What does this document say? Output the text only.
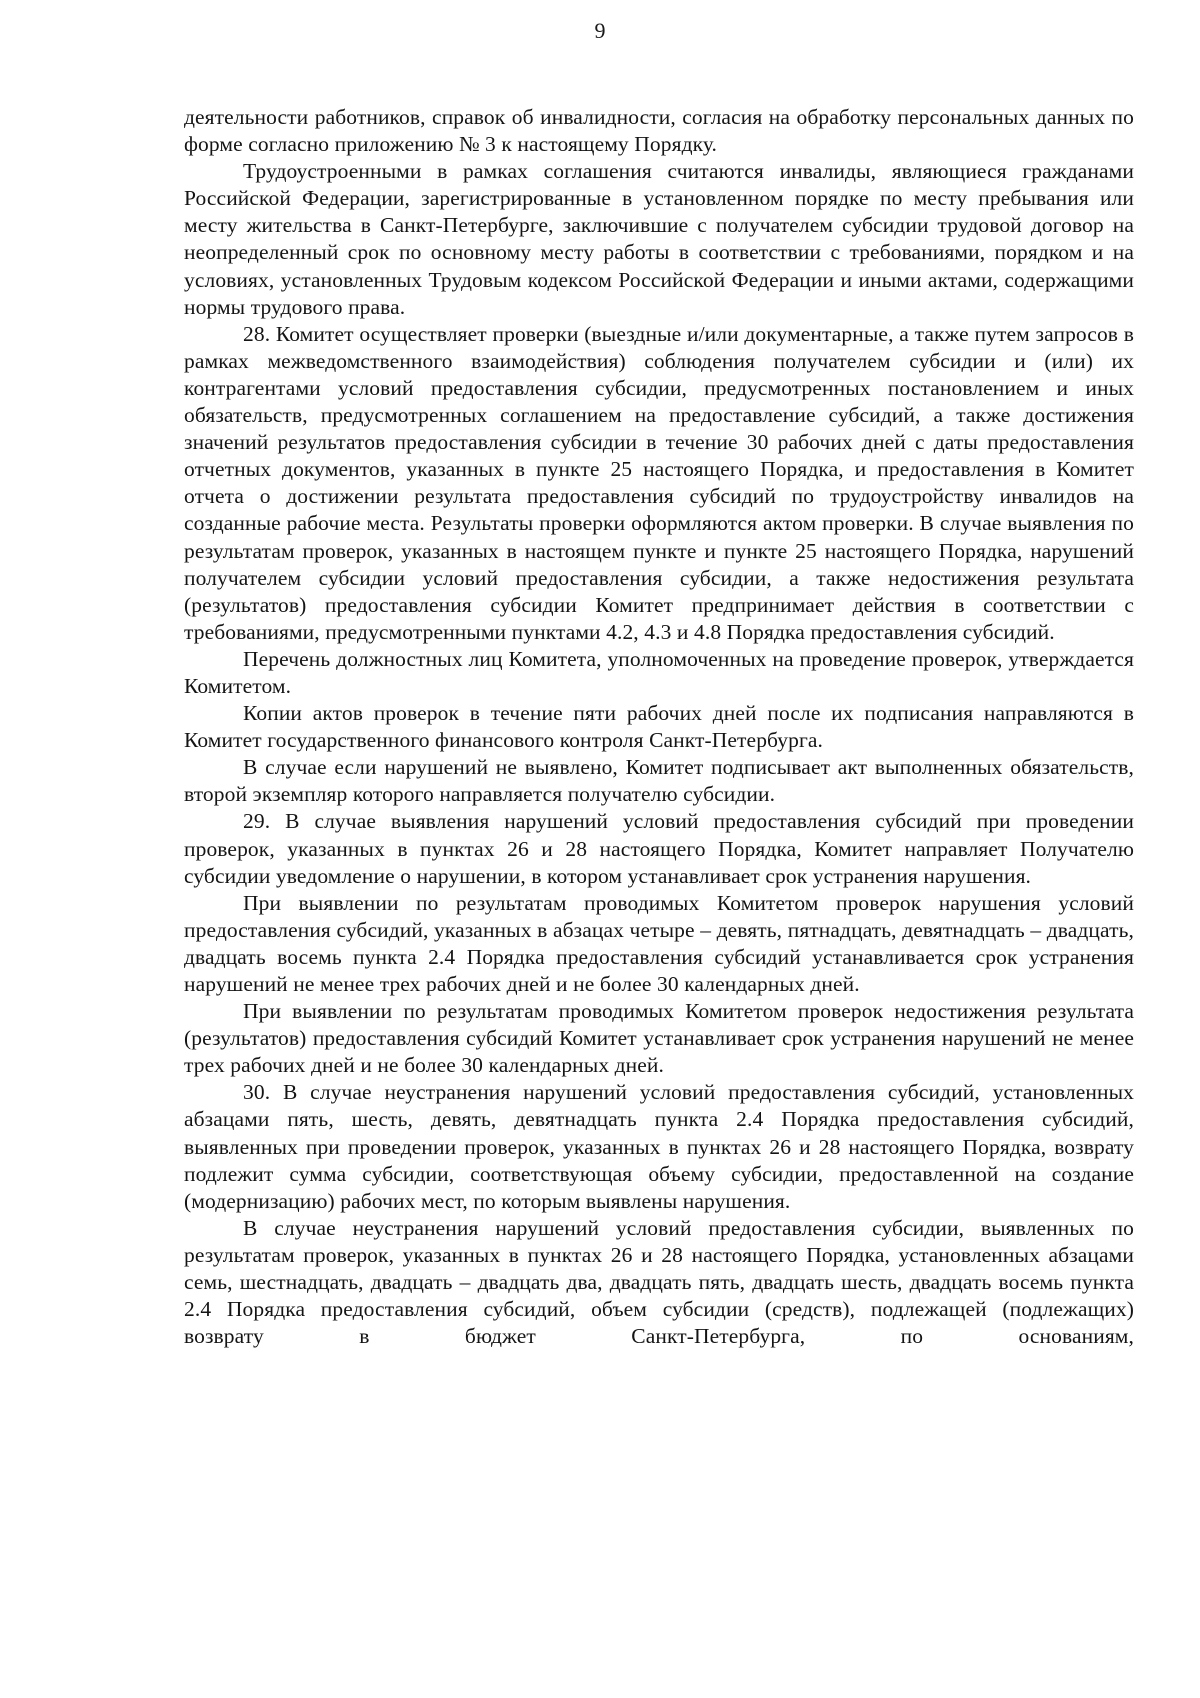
9

деятельности работников, справок об инвалидности, согласия на обработку персональных данных по форме согласно приложению № 3 к настоящему Порядку.

Трудоустроенными в рамках соглашения считаются инвалиды, являющиеся гражданами Российской Федерации, зарегистрированные в установленном порядке по месту пребывания или месту жительства в Санкт-Петербурге, заключившие с получателем субсидии трудовой договор на неопределенный срок по основному месту работы в соответствии с требованиями, порядком и на условиях, установленных Трудовым кодексом Российской Федерации и иными актами, содержащими нормы трудового права.

28. Комитет осуществляет проверки (выездные и/или документарные, а также путем запросов в рамках межведомственного взаимодействия) соблюдения получателем субсидии и (или) их контрагентами условий предоставления субсидии, предусмотренных постановлением и иных обязательств, предусмотренных соглашением на предоставление субсидий, а также достижения значений результатов предоставления субсидии в течение 30 рабочих дней с даты предоставления отчетных документов, указанных в пункте 25 настоящего Порядка, и предоставления в Комитет отчета о достижении результата предоставления субсидий по трудоустройству инвалидов на созданные рабочие места. Результаты проверки оформляются актом проверки. В случае выявления по результатам проверок, указанных в настоящем пункте и пункте 25 настоящего Порядка, нарушений получателем субсидии условий предоставления субсидии, а также недостижения результата (результатов) предоставления субсидии Комитет предпринимает действия в соответствии с требованиями, предусмотренными пунктами 4.2, 4.3 и 4.8 Порядка предоставления субсидий.

Перечень должностных лиц Комитета, уполномоченных на проведение проверок, утверждается Комитетом.

Копии актов проверок в течение пяти рабочих дней после их подписания направляются в Комитет государственного финансового контроля Санкт-Петербурга.

В случае если нарушений не выявлено, Комитет подписывает акт выполненных обязательств, второй экземпляр которого направляется получателю субсидии.

29. В случае выявления нарушений условий предоставления субсидий при проведении проверок, указанных в пунктах 26 и 28 настоящего Порядка, Комитет направляет Получателю субсидии уведомление о нарушении, в котором устанавливает срок устранения нарушения.

При выявлении по результатам проводимых Комитетом проверок нарушения условий предоставления субсидий, указанных в абзацах четыре – девять, пятнадцать, девятнадцать – двадцать, двадцать восемь пункта 2.4 Порядка предоставления субсидий устанавливается срок устранения нарушений не менее трех рабочих дней и не более 30 календарных дней.

При выявлении по результатам проводимых Комитетом проверок недостижения результата (результатов) предоставления субсидий Комитет устанавливает срок устранения нарушений не менее трех рабочих дней и не более 30 календарных дней.

30. В случае неустранения нарушений условий предоставления субсидий, установленных абзацами пять, шесть, девять, девятнадцать пункта 2.4 Порядка предоставления субсидий, выявленных при проведении проверок, указанных в пунктах 26 и 28 настоящего Порядка, возврату подлежит сумма субсидии, соответствующая объему субсидии, предоставленной на создание (модернизацию) рабочих мест, по которым выявлены нарушения.

В случае неустранения нарушений условий предоставления субсидии, выявленных по результатам проверок, указанных в пунктах 26 и 28 настоящего Порядка, установленных абзацами семь, шестнадцать, двадцать – двадцать два, двадцать пять, двадцать шесть, двадцать восемь пункта 2.4 Порядка предоставления субсидий, объем субсидии (средств), подлежащей (подлежащих) возврату в бюджет Санкт-Петербурга, по основаниям,
